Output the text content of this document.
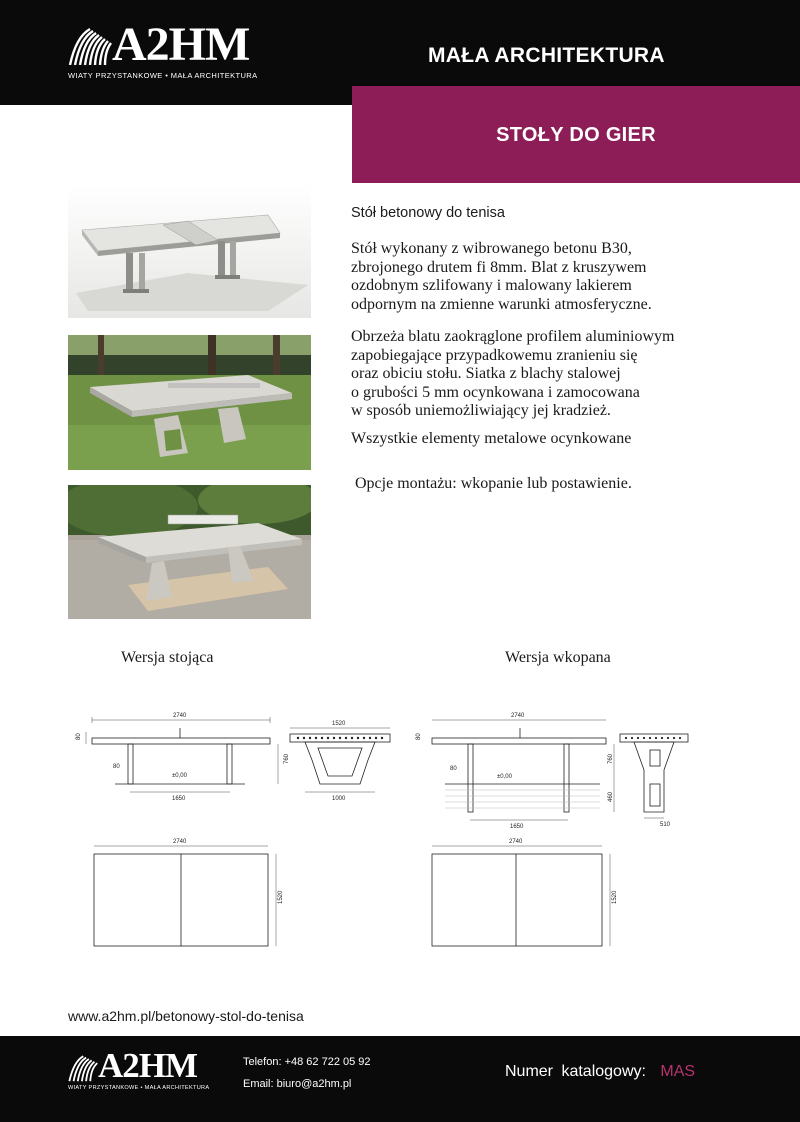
A2HM
WIATY PRZYSTANKOWE • MAŁA ARCHITEKTURA
MAŁA ARCHITEKTURA
STOŁY DO GIER
Stół betonowy do tenisa
Stół wykonany z wibrowanego betonu B30,
zbrojonego drutem fi 8mm. Blat z kruszywem
ozdobnym szlifowany i malowany lakierem
odpornym na zmienne warunki atmosferyczne.
Obrzeża blatu zaokrąglone profilem aluminiowym
zapobiegające przypadkowemu zranieniu się
oraz obiciu stołu. Siatka z blachy stalowej
o grubości 5 mm ocynkowana i zamocowana
w sposób uniemożliwiający jej kradzież.
Wszystkie elementy metalowe ocynkowane
Opcje montażu: wkopanie lub postawienie.
Wersja stojąca	Wersja wkopana
2740
80
80
±0,00
1650
760
1520
1000
2740
1520
2740
80
80
±0,00
1650
760
460
510
2740
1520
www.a2hm.pl/betonowy-stol-do-tenisa
A2HM
WIATY PRZYSTANKOWE • MAŁA ARCHITEKTURA
Telefon: +48 62 722 05 92
Email: biuro@a2hm.pl
Numer katalogowy: MAS
